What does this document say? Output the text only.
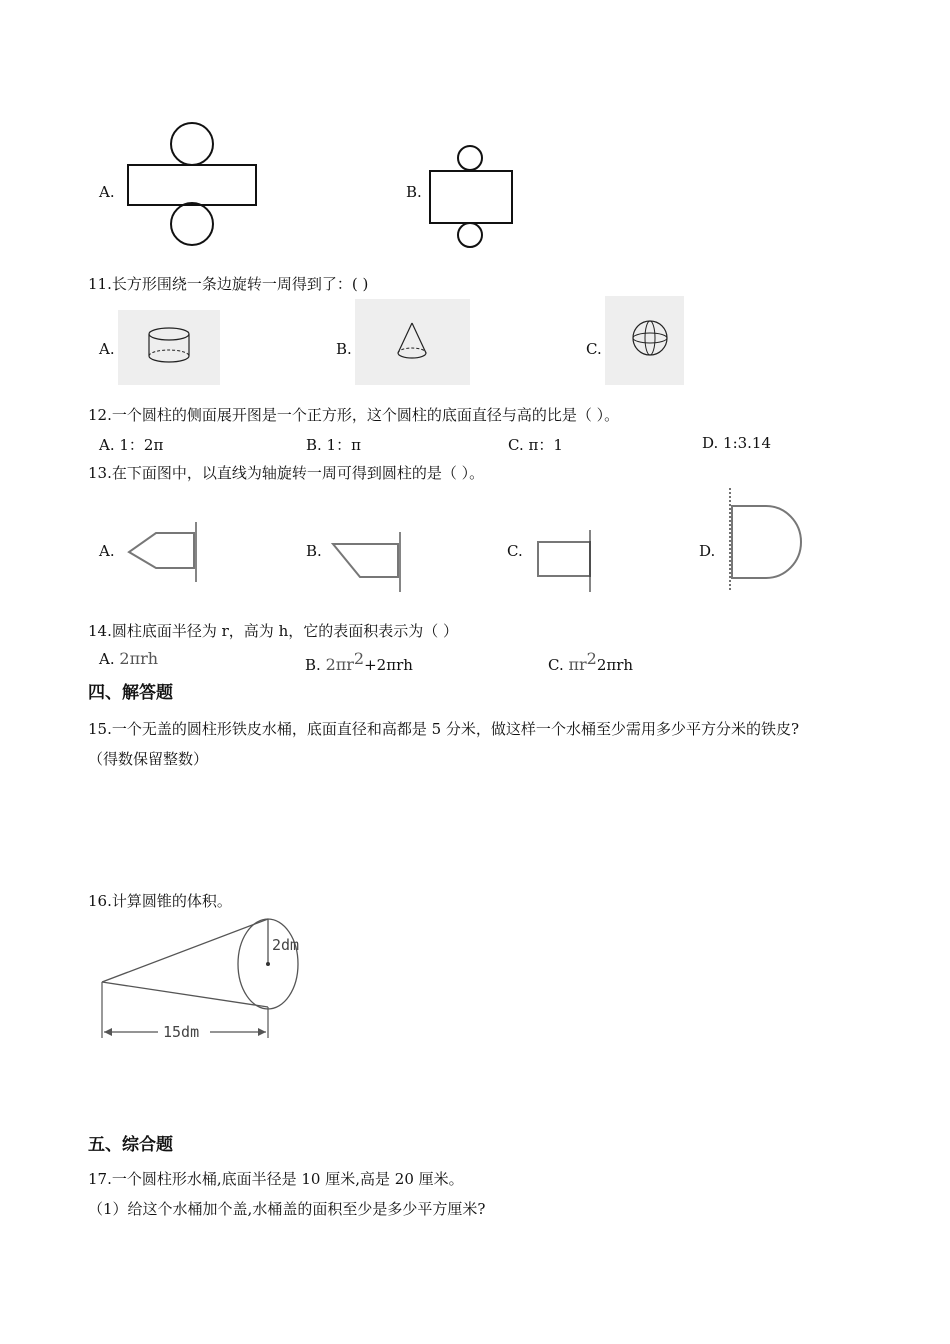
A.	B.
11.长方形围绕一条边旋转一周得到了：( )
A.	B.	C.
12.一个圆柱的侧面展开图是一个正方形，这个圆柱的底面直径与高的比是（ ）。
A. 1：2π	B. 1：π	C. π：1	D. 1:3.14
13.在下面图中，以直线为轴旋转一周可得到圆柱的是（ ）。
A.	B.	C.	D.
14.圆柱底面半径为 r，高为 h，它的表面积表示为（ ）
A. 2πrh	B. $2\pi r^2+2\pi rh$	C. $\pi r^22\pi rh$
四、解答题
15.一个无盖的圆柱形铁皮水桶，底面直径和高都是 5 分米，做这样一个水桶至少需用多少平方分米的铁皮?
（得数保留整数）
16.计算圆锥的体积。
2dm
15dm
五、综合题
17.一个圆柱形水桶,底面半径是 10 厘米,高是 20 厘米。
（1）给这个水桶加个盖,水桶盖的面积至少是多少平方厘米?
